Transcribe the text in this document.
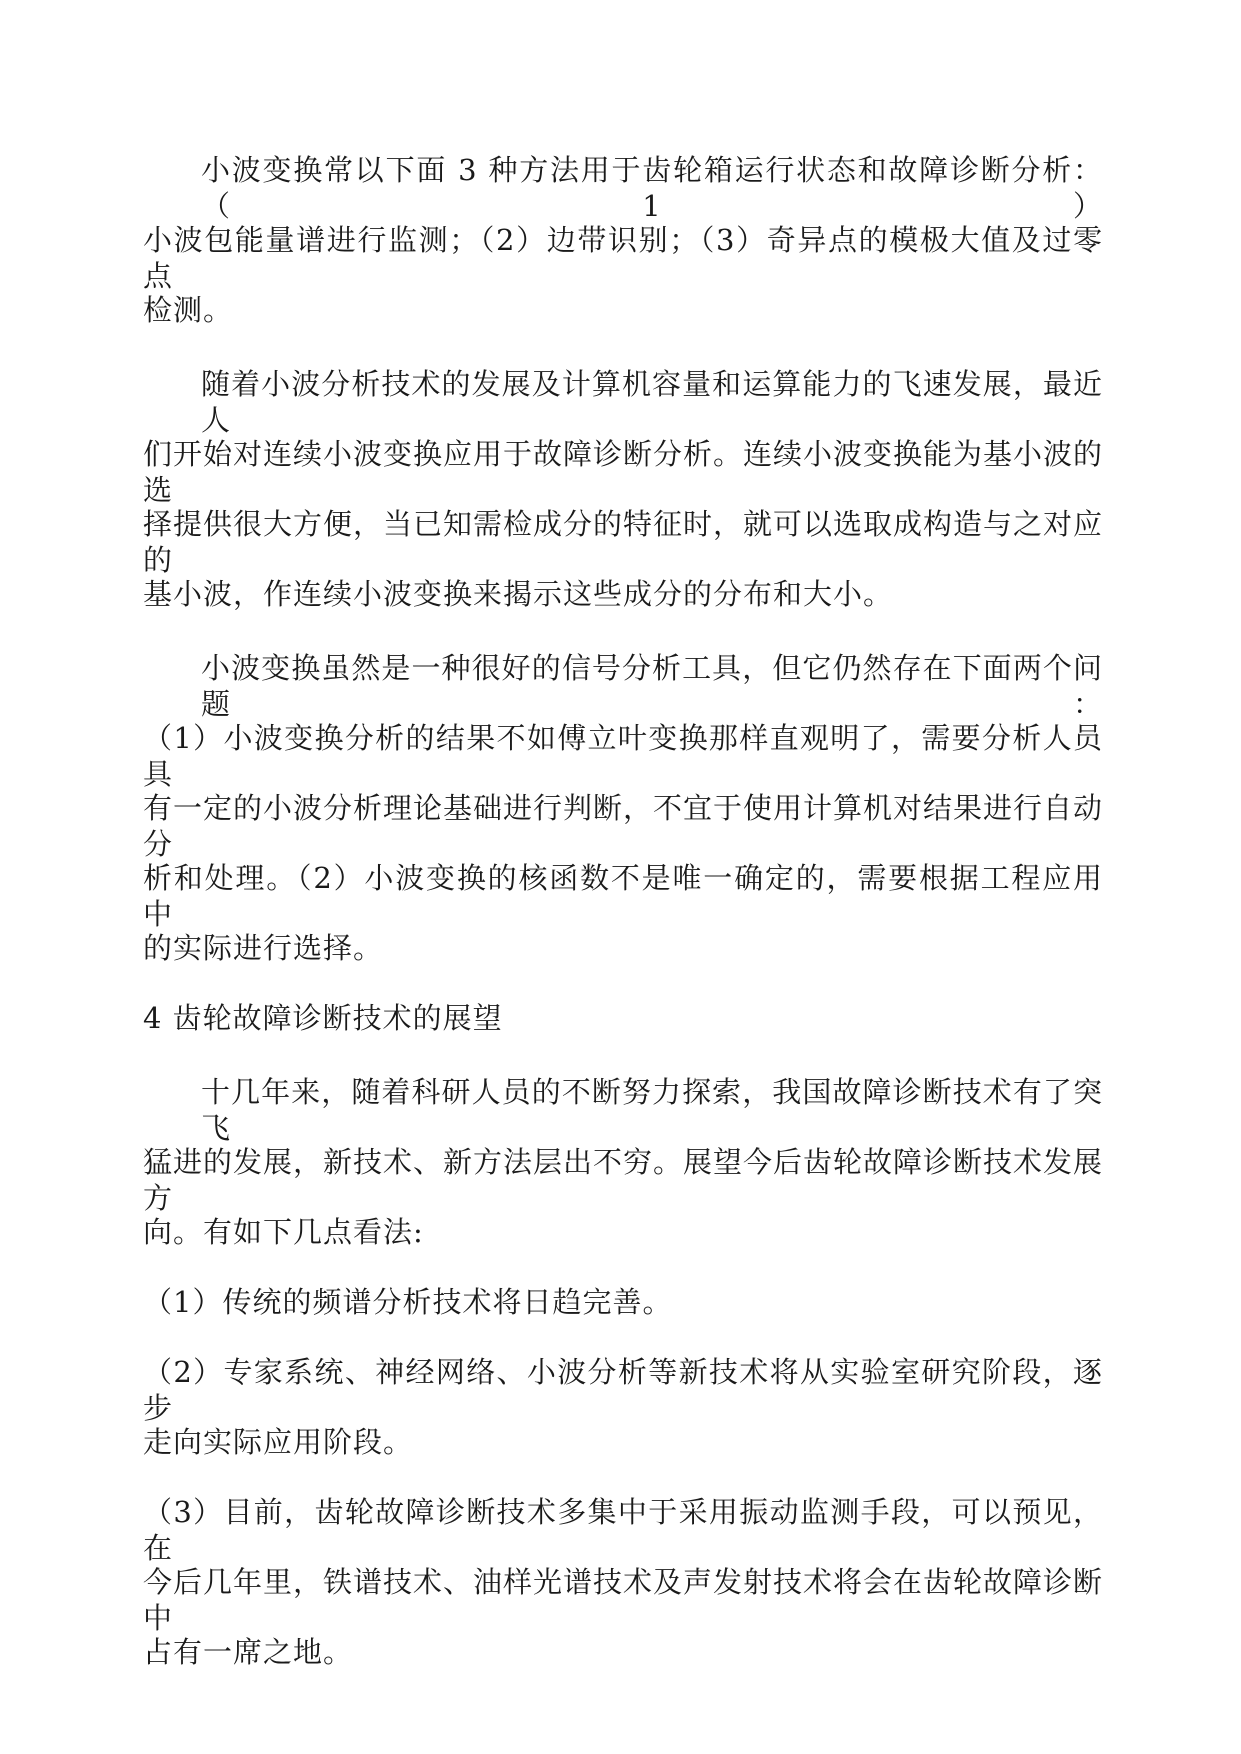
小波变换常以下面 3 种方法用于齿轮箱运行状态和故障诊断分析：（1）
小波包能量谱进行监测；（2）边带识别；（3）奇异点的模极大值及过零点
检测。
随着小波分析技术的发展及计算机容量和运算能力的飞速发展，最近人
们开始对连续小波变换应用于故障诊断分析。连续小波变换能为基小波的选
择提供很大方便，当已知需检成分的特征时，就可以选取成构造与之对应的
基小波，作连续小波变换来揭示这些成分的分布和大小。
小波变换虽然是一种很好的信号分析工具，但它仍然存在下面两个问题：
（1）小波变换分析的结果不如傅立叶变换那样直观明了，需要分析人员具
有一定的小波分析理论基础进行判断，不宜于使用计算机对结果进行自动分
析和处理。（2）小波变换的核函数不是唯一确定的，需要根据工程应用中
的实际进行选择。
4 齿轮故障诊断技术的展望
十几年来，随着科研人员的不断努力探索，我国故障诊断技术有了突飞
猛进的发展，新技术、新方法层出不穷。展望今后齿轮故障诊断技术发展方
向。有如下几点看法:
（1）传统的频谱分析技术将日趋完善。
（2）专家系统、神经网络、小波分析等新技术将从实验室研究阶段，逐步
走向实际应用阶段。
（3）目前，齿轮故障诊断技术多集中于采用振动监测手段，可以预见，在
今后几年里，铁谱技术、油样光谱技术及声发射技术将会在齿轮故障诊断中
占有一席之地。
